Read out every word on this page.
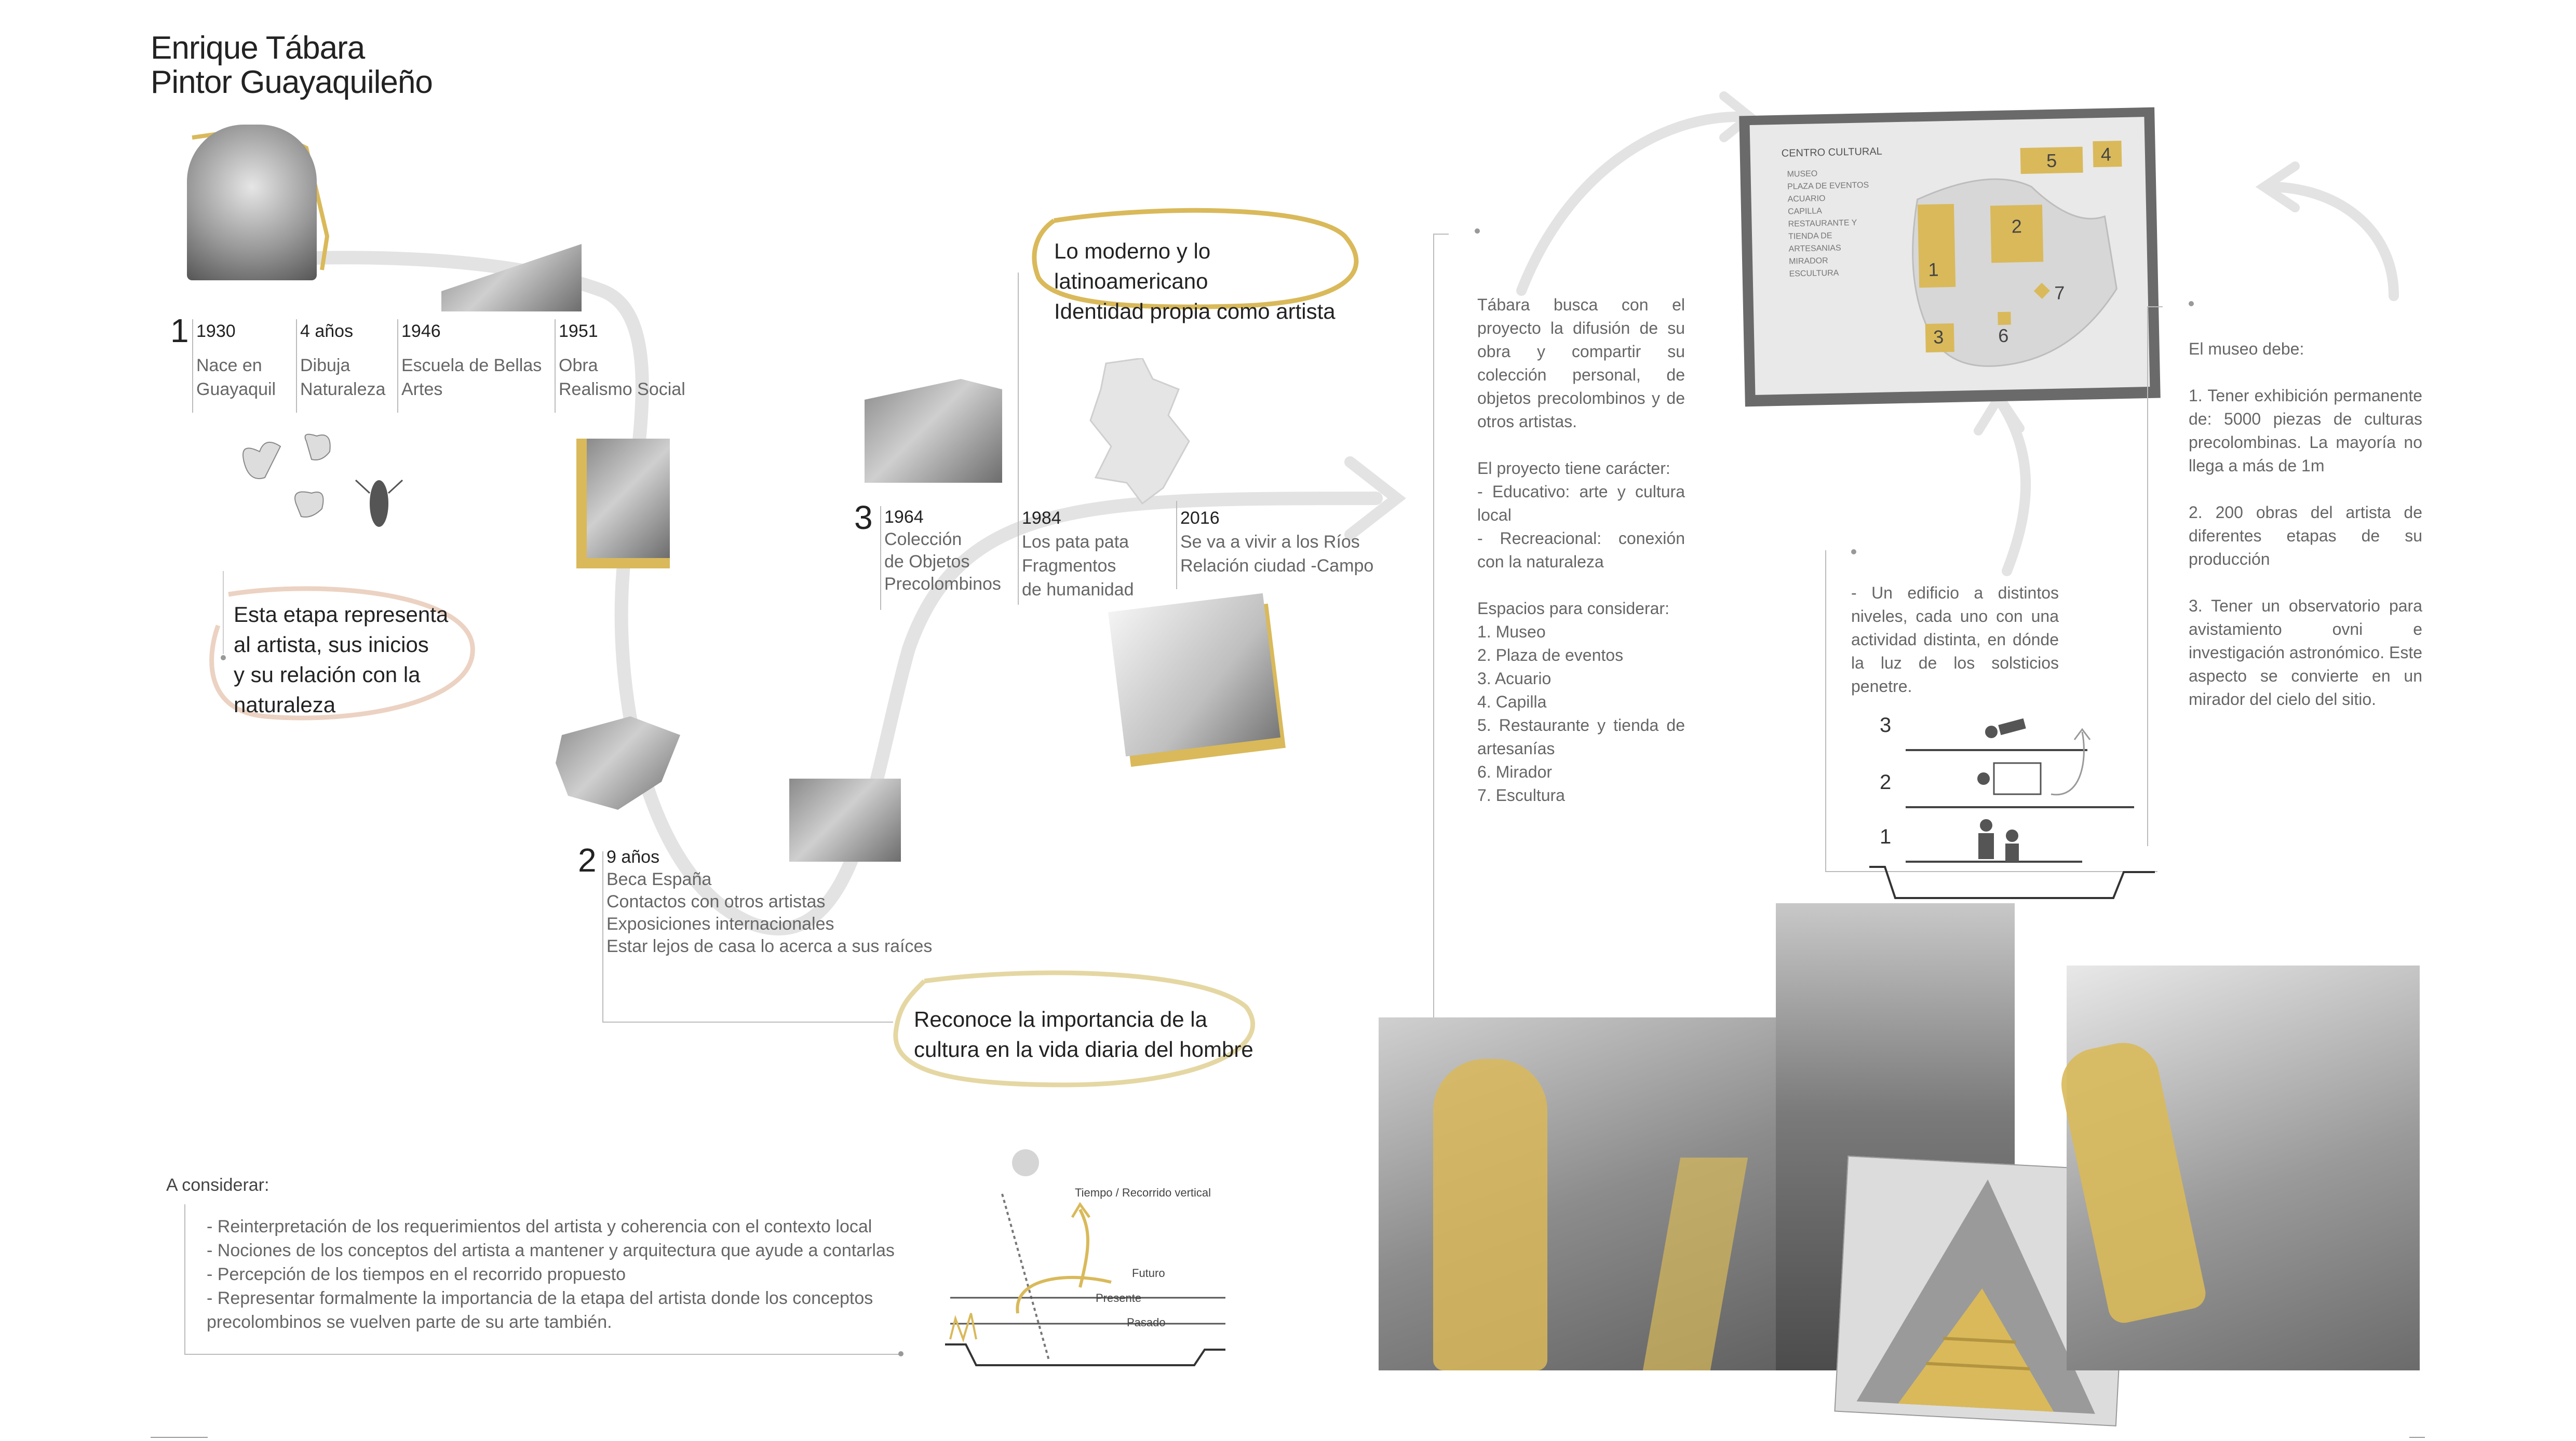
Enrique Tábara
Pintor Guayaquileño
1 1930
Nace en
Guayaquil
4 años
Dibuja
Naturaleza
1946
Escuela de Bellas
Artes
1951
Obra
Realismo Social
Esta etapa representa
al artista, sus inicios
y su relación con la
naturaleza
2 9 años
Beca España
Contactos con otros artistas
Exposiciones internacionales
Estar lejos de casa lo acerca a sus raíces
Reconoce la importancia de la
cultura en la vida diaria del hombre
Lo moderno y lo latinoamericano
Identidad propia como artista
3 1964
Colección
de Objetos
Precolombinos
1984
Los pata pata
Fragmentos
de humanidad
2016
Se va a vivir a los Ríos
Relación ciudad -Campo
Tábara busca con el proyecto la difusión de su obra y compartir su colección personal, de objetos precolombinos y de otros artistas.
El proyecto tiene carácter:
- Educativo: arte y cultura local
- Recreacional: conexión con la naturaleza
Espacios para considerar:
1. Museo
2. Plaza de eventos
3. Acuario
4. Capilla
5. Restaurante y tienda de artesanías
6. Mirador
7. Escultura
CENTRO CULTURAL
MUSEO
PLAZA DE EVENTOS
ACUARIO
CAPILLA
RESTAURANTE Y TIENDA DE ARTESANIAS
MIRADOR
ESCULTURA	1
2
3
4
5
6
7
- Un edificio a distintos niveles, cada uno con una actividad distinta, en dónde la luz de los solsticios penetre.
3
2
1
El museo debe:
1. Tener exhibición permanente de: 5000 piezas de culturas precolombinas. La mayoría no llega a más de 1m
2. 200 obras del artista de diferentes etapas de su producción
3. Tener un observatorio para avistamiento ovni e investigación astronómico. Este aspecto se convierte en un mirador del cielo del sitio.
A considerar:
- Reinterpretación de los requerimientos del artista y coherencia con el contexto local
- Nociones de los conceptos del artista a mantener y arquitectura que ayude a contarlas
- Percepción de los tiempos en el recorrido propuesto
- Representar formalmente la importancia de la etapa del artista donde los conceptos precolombinos se vuelven parte de su arte también.
Tiempo / Recorrido vertical
Futuro
Presente
Pasado
